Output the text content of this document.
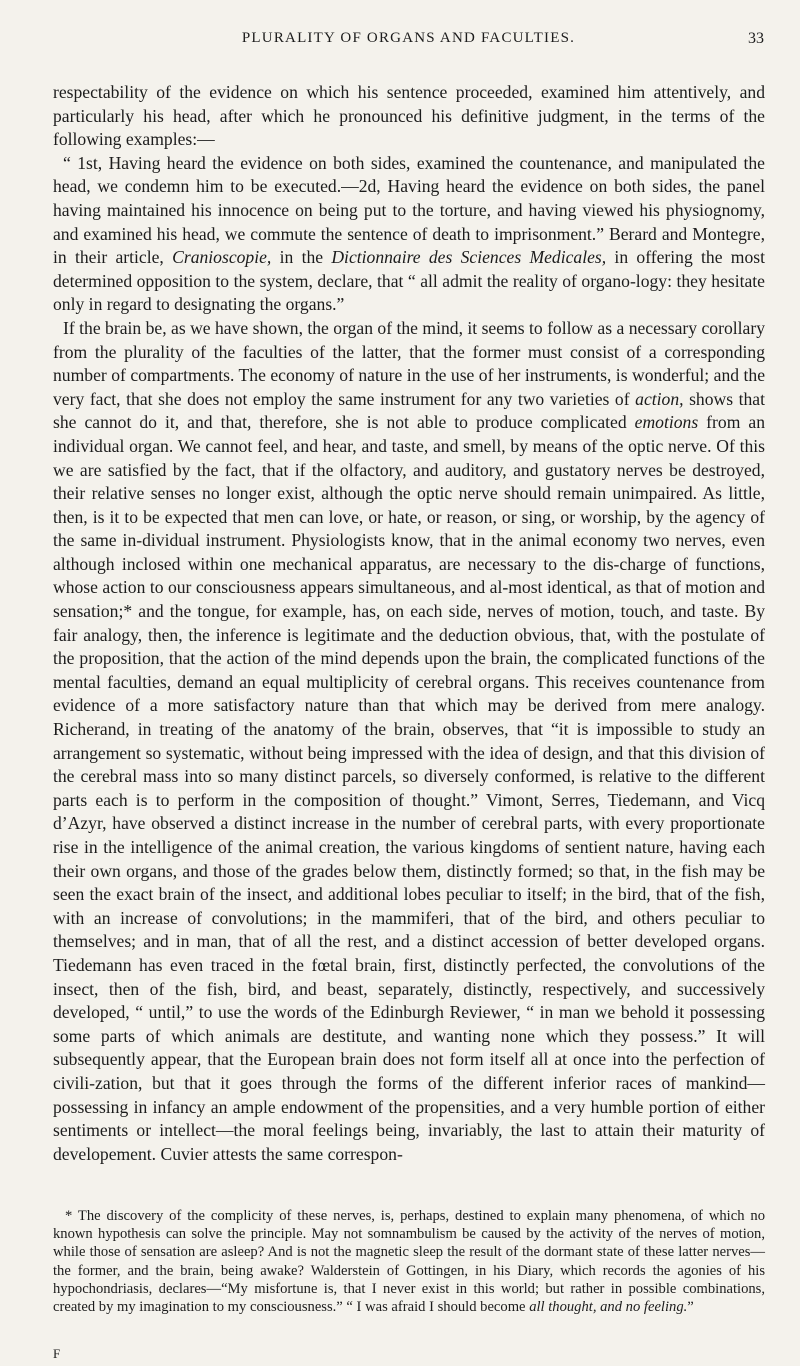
PLURALITY OF ORGANS AND FACULTIES.	33

respectability of the evidence on which his sentence proceeded, examined him attentively, and particularly his head, after which he pronounced his definitive judgment, in the terms of the following examples:—

“ 1st, Having heard the evidence on both sides, examined the countenance, and manipulated the head, we condemn him to be executed.—2d, Having heard the evidence on both sides, the panel having maintained his innocence on being put to the torture, and having viewed his physiognomy, and examined his head, we commute the sentence of death to imprisonment.” Berard and Montegre, in their article, Cranioscopie, in the Dictionnaire des Sciences Medicales, in offering the most determined opposition to the system, declare, that “ all admit the reality of organo-logy: they hesitate only in regard to designating the organs.”

If the brain be, as we have shown, the organ of the mind, it seems to follow as a necessary corollary from the plurality of the faculties of the latter, that the former must consist of a corresponding number of compartments. The economy of nature in the use of her instruments, is wonderful; and the very fact, that she does not employ the same instrument for any two varieties of action, shows that she cannot do it, and that, therefore, she is not able to produce complicated emotions from an individual organ. We cannot feel, and hear, and taste, and smell, by means of the optic nerve. Of this we are satisfied by the fact, that if the olfactory, and auditory, and gustatory nerves be destroyed, their relative senses no longer exist, although the optic nerve should remain unimpaired. As little, then, is it to be expected that men can love, or hate, or reason, or sing, or worship, by the agency of the same in-dividual instrument. Physiologists know, that in the animal economy two nerves, even although inclosed within one mechanical apparatus, are necessary to the dis-charge of functions, whose action to our consciousness appears simultaneous, and al-most identical, as that of motion and sensation;* and the tongue, for example, has, on each side, nerves of motion, touch, and taste. By fair analogy, then, the inference is legitimate and the deduction obvious, that, with the postulate of the proposition, that the action of the mind depends upon the brain, the complicated functions of the mental faculties, demand an equal multiplicity of cerebral organs. This receives countenance from evidence of a more satisfactory nature than that which may be derived from mere analogy. Richerand, in treating of the anatomy of the brain, observes, that “it is impossible to study an arrangement so systematic, without being impressed with the idea of design, and that this division of the cerebral mass into so many distinct parcels, so diversely conformed, is relative to the different parts each is to perform in the composition of thought.” Vimont, Serres, Tiedemann, and Vicq d’Azyr, have observed a distinct increase in the number of cerebral parts, with every proportionate rise in the intelligence of the animal creation, the various kingdoms of sentient nature, having each their own organs, and those of the grades below them, distinctly formed; so that, in the fish may be seen the exact brain of the insect, and additional lobes peculiar to itself; in the bird, that of the fish, with an increase of convolutions; in the mammiferi, that of the bird, and others peculiar to themselves; and in man, that of all the rest, and a distinct accession of better developed organs. Tiedemann has even traced in the fœtal brain, first, distinctly perfected, the convolutions of the insect, then of the fish, bird, and beast, separately, distinctly, respectively, and successively developed, “ until,” to use the words of the Edinburgh Reviewer, “ in man we behold it possessing some parts of which animals are destitute, and wanting none which they possess.” It will subsequently appear, that the European brain does not form itself all at once into the perfection of civili-zation, but that it goes through the forms of the different inferior races of mankind— possessing in infancy an ample endowment of the propensities, and a very humble portion of either sentiments or intellect—the moral feelings being, invariably, the last to attain their maturity of developement. Cuvier attests the same correspon-

* The discovery of the complicity of these nerves, is, perhaps, destined to explain many phenomena, of which no known hypothesis can solve the principle. May not somnambulism be caused by the activity of the nerves of motion, while those of sensation are asleep? And is not the magnetic sleep the result of the dormant state of these latter nerves—the former, and the brain, being awake? Walderstein of Gottingen, in his Diary, which records the agonies of his hypochondriasis, declares—“My misfortune is, that I never exist in this world; but rather in possible combinations, created by my imagination to my consciousness.” “ I was afraid I should become all thought, and no feeling.”

F
